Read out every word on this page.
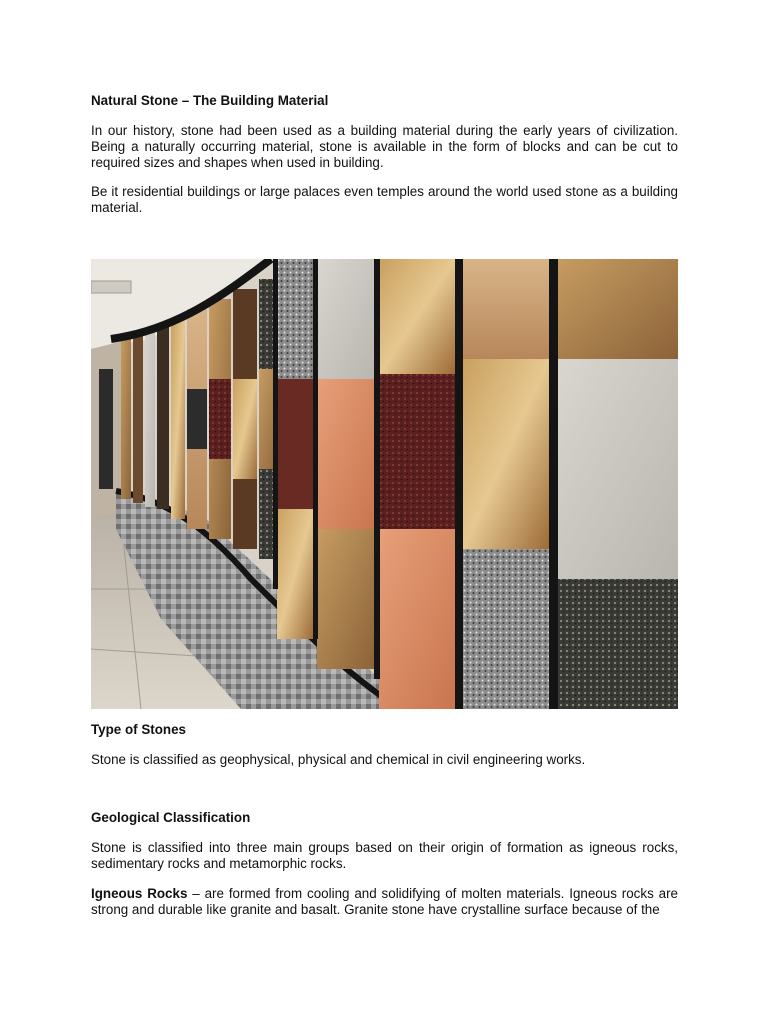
Natural Stone – The Building Material

In our history, stone had been used as a building material during the early years of civilization. Being a naturally occurring material, stone is available in the form of blocks and can be cut to required sizes and shapes when used in building.

Be it residential buildings or large palaces even temples around the world used stone as a building material.

Type of Stones

Stone is classified as geophysical, physical and chemical in civil engineering works.

Geological Classification

Stone is classified into three main groups based on their origin of formation as igneous rocks, sedimentary rocks and metamorphic rocks.

Igneous Rocks – are formed from cooling and solidifying of molten materials. Igneous rocks are strong and durable like granite and basalt. Granite stone have crystalline surface because of the
